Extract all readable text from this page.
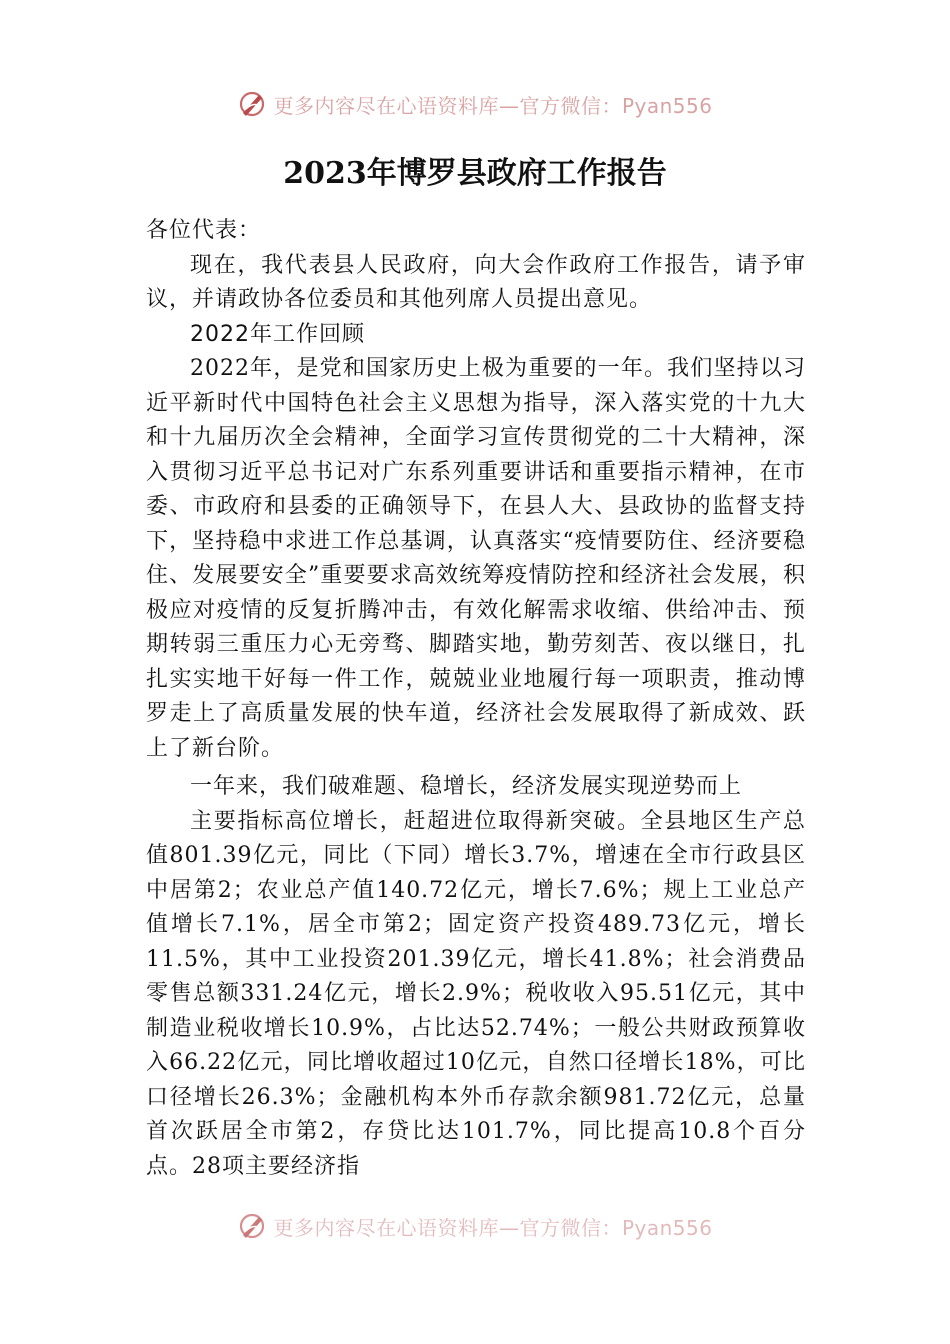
更多内容尽在心语资料库—官方微信：Pyan556
2023年博罗县政府工作报告

各位代表：

现在，我代表县人民政府，向大会作政府工作报告，请予审议，并请政协各位委员和其他列席人员提出意见。

2022年工作回顾

2022年，是党和国家历史上极为重要的一年。我们坚持以习近平新时代中国特色社会主义思想为指导，深入落实党的十九大和十九届历次全会精神，全面学习宣传贯彻党的二十大精神，深入贯彻习近平总书记对广东系列重要讲话和重要指示精神，在市委、市政府和县委的正确领导下，在县人大、县政协的监督支持下，坚持稳中求进工作总基调，认真落实“疫情要防住、经济要稳住、发展要安全”重要要求高效统筹疫情防控和经济社会发展，积极应对疫情的反复折腾冲击，有效化解需求收缩、供给冲击、预期转弱三重压力心无旁骛、脚踏实地，勤劳刻苦、夜以继日，扎扎实实地干好每一件工作，兢兢业业地履行每一项职责，推动博罗走上了高质量发展的快车道，经济社会发展取得了新成效、跃上了新台阶。

一年来，我们破难题、稳增长，经济发展实现逆势而上

主要指标高位增长，赶超进位取得新突破。全县地区生产总值801.39亿元，同比（下同）增长3.7%，增速在全市行政县区中居第2；农业总产值140.72亿元，增长7.6%；规上工业总产值增长7.1%，居全市第2；固定资产投资489.73亿元，增长11.5%，其中工业投资201.39亿元，增长41.8%；社会消费品零售总额331.24亿元，增长2.9%；税收收入95.51亿元，其中制造业税收增长10.9%，占比达52.74%；一般公共财政预算收入66.22亿元，同比增收超过10亿元，自然口径增长18%，可比口径增长26.3%；金融机构本外币存款余额981.72亿元，总量首次跃居全市第2，存贷比达101.7%，同比提高10.8个百分点。28项主要经济指

更多内容尽在心语资料库—官方微信：Pyan556
